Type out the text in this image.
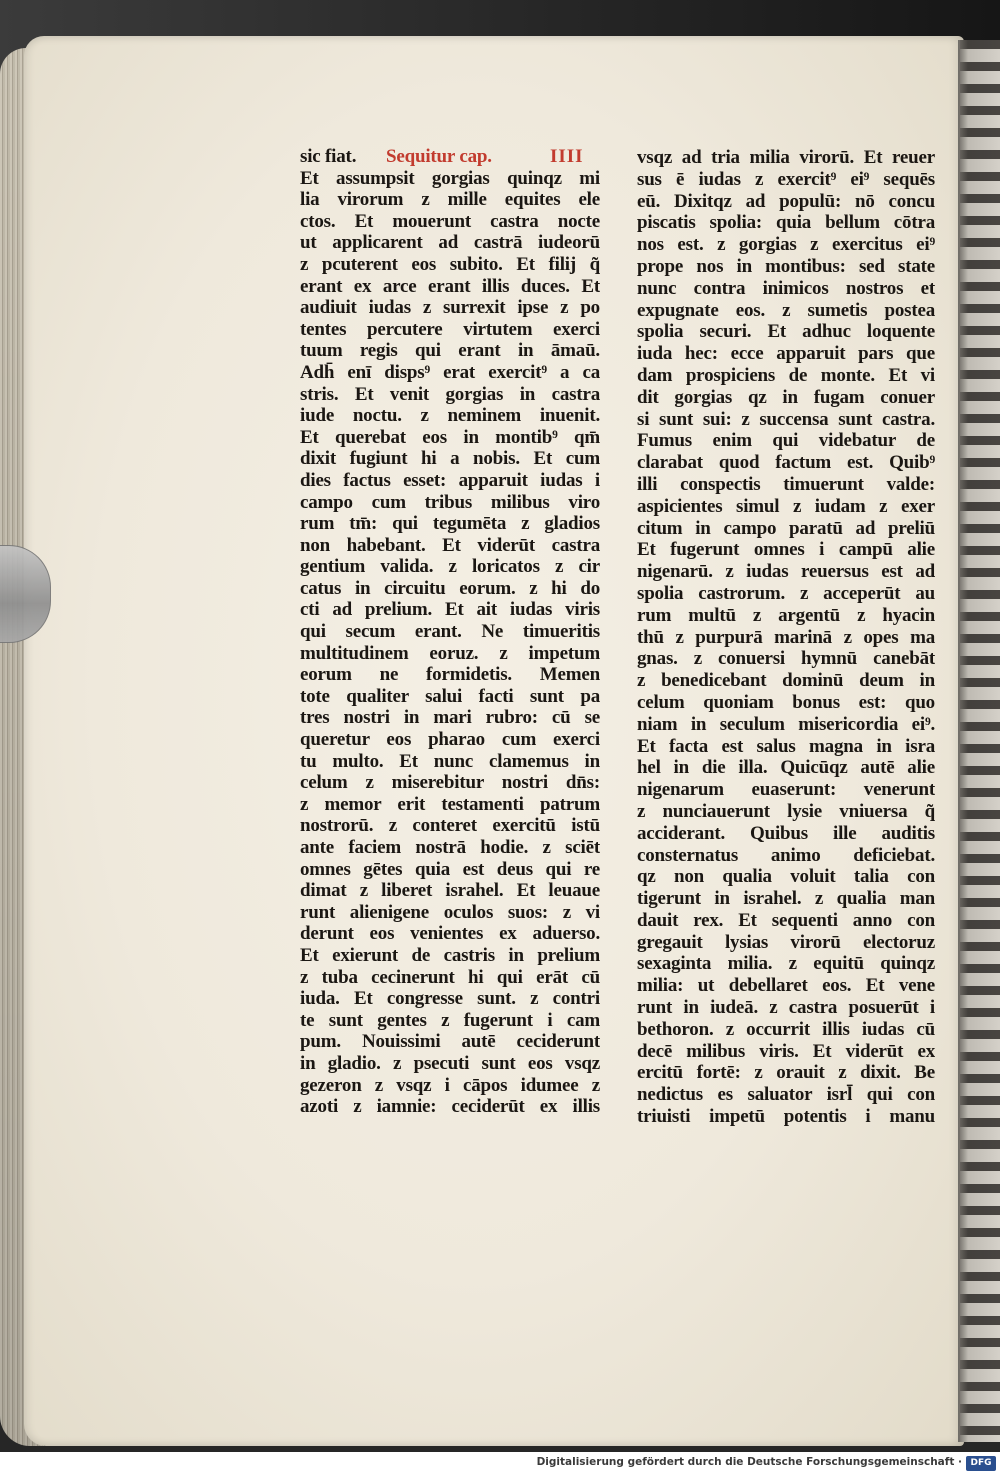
sic fiat. Sequitur cap.	IIII
Et assumpsit gorgias quinqz mi
lia virorum z mille equites ele
ctos. Et mouerunt castra nocte
ut applicarent ad castrā iudeorū
z pcuterent eos subito. Et filij q̃
erant ex arce erant illis duces. Et
audiuit iudas z surrexit ipse z po
tentes percutere virtutem exerci
tuum regis qui erant in āmaū.
Adh̄ enī disps⁹ erat exercit⁹ a ca
stris. Et venit gorgias in castra
iude noctu. z neminem inuenit.
Et querebat eos in montib⁹ qm̄
dixit fugiunt hi a nobis. Et cum
dies factus esset: apparuit iudas i
campo cum tribus milibus viro
rum tm̄: qui tegumēta z gladios
non habebant. Et viderūt castra
gentium valida. z loricatos z cir
catus in circuitu eorum. z hi do
cti ad prelium. Et ait iudas viris
qui secum erant. Ne timueritis
multitudinem eoruz. z impetum
eorum ne formidetis. Memen
tote qualiter salui facti sunt pa
tres nostri in mari rubro: cū se
queretur eos pharao cum exerci
tu multo. Et nunc clamemus in
celum z miserebitur nostri dn̄s:
z memor erit testamenti patrum
nostrorū. z conteret exercitū istū
ante faciem nostrā hodie. z sciēt
omnes gētes quia est deus qui re
dimat z liberet israhel. Et leuaue
runt alienigene oculos suos: z vi
derunt eos venientes ex aduerso.
Et exierunt de castris in prelium
z tuba cecinerunt hi qui erāt cū
iuda. Et congresse sunt. z contri
te sunt gentes z fugerunt i cam
pum. Nouissimi autē ceciderunt
in gladio. z psecuti sunt eos vsqz
gezeron z vsqz i cāpos idumee z
azoti z iamnie: ceciderūt ex illis
vsqz ad tria milia virorū. Et reuer
sus ē iudas z exercit⁹ ei⁹ sequēs
eū. Dixitqz ad populū: nō concu
piscatis spolia: quia bellum cōtra
nos est. z gorgias z exercitus ei⁹
prope nos in montibus: sed state
nunc contra inimicos nostros et
expugnate eos. z sumetis postea
spolia securi. Et adhuc loquente
iuda hec: ecce apparuit pars que
dam prospiciens de monte. Et vi
dit gorgias qz in fugam conuer
si sunt sui: z succensa sunt castra.
Fumus enim qui videbatur de
clarabat quod factum est. Quib⁹
illi conspectis timuerunt valde:
aspicientes simul z iudam z exer
citum in campo paratū ad preliū
Et fugerunt omnes i campū alie
nigenarū. z iudas reuersus est ad
spolia castrorum. z acceperūt au
rum multū z argentū z hyacin
thū z purpurā marinā z opes ma
gnas. z conuersi hymnū canebāt
z benedicebant dominū deum in
celum quoniam bonus est: quo
niam in seculum misericordia ei⁹.
Et facta est salus magna in isra
hel in die illa. Quicūqz autē alie
nigenarum euaserunt: venerunt
z nunciauerunt lysie vniuersa q̃
acciderant. Quibus ille auditis
consternatus animo deficiebat.
qz non qualia voluit talia con
tigerunt in israhel. z qualia man
dauit rex. Et sequenti anno con
gregauit lysias virorū electoruz
sexaginta milia. z equitū quinqz
milia: ut debellaret eos. Et vene
runt in iudeā. z castra posuerūt i
bethoron. z occurrit illis iudas cū
decē milibus viris. Et viderūt ex
ercitū fortē: z orauit z dixit. Be
nedictus es saluator isrl̄ qui con
triuisti impetū potentis i manu
Digitalisierung gefördert durch die Deutsche Forschungsgemeinschaft · DFG
